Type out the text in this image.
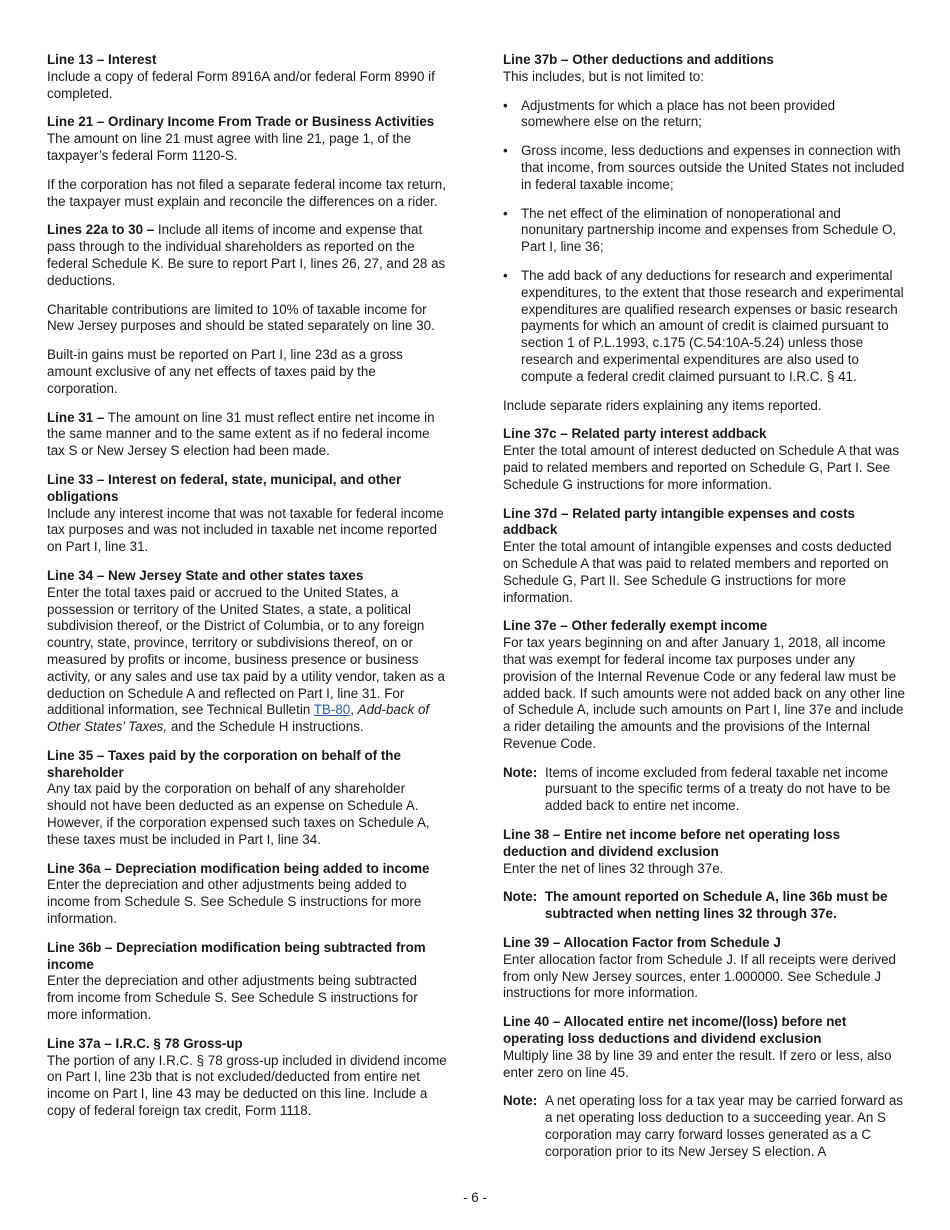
Line 13 – Interest
Include a copy of federal Form 8916A and/or federal Form 8990 if completed.
Line 21 – Ordinary Income From Trade or Business Activities
The amount on line 21 must agree with line 21, page 1, of the taxpayer’s federal Form 1120-S.
If the corporation has not filed a separate federal income tax return, the taxpayer must explain and reconcile the differences on a rider.
Lines 22a to 30 – Include all items of income and expense that pass through to the individual shareholders as reported on the federal Schedule K. Be sure to report Part I, lines 26, 27, and 28 as deductions.
Charitable contributions are limited to 10% of taxable income for New Jersey purposes and should be stated separately on line 30.
Built-in gains must be reported on Part I, line 23d as a gross amount exclusive of any net effects of taxes paid by the corporation.
Line 31 – The amount on line 31 must reflect entire net income in the same manner and to the same extent as if no federal income tax S or New Jersey S election had been made.
Line 33 – Interest on federal, state, municipal, and other obligations
Include any interest income that was not taxable for federal income tax purposes and was not included in taxable net income reported on Part I, line 31.
Line 34 – New Jersey State and other states taxes
Enter the total taxes paid or accrued to the United States, a possession or territory of the United States, a state, a political subdivision thereof, or the District of Columbia, or to any foreign country, state, province, territory or subdivisions thereof, on or measured by profits or income, business presence or business activity, or any sales and use tax paid by a utility vendor, taken as a deduction on Schedule A and reflected on Part I, line 31. For additional information, see Technical Bulletin TB-80, Add-back of Other States’ Taxes, and the Schedule H instructions.
Line 35 – Taxes paid by the corporation on behalf of the shareholder
Any tax paid by the corporation on behalf of any shareholder should not have been deducted as an expense on Schedule A. However, if the corporation expensed such taxes on Schedule A, these taxes must be included in Part I, line 34.
Line 36a – Depreciation modification being added to income
Enter the depreciation and other adjustments being added to income from Schedule S. See Schedule S instructions for more information.
Line 36b – Depreciation modification being subtracted from income
Enter the depreciation and other adjustments being subtracted from income from Schedule S. See Schedule S instructions for more information.
Line 37a – I.R.C. § 78 Gross-up
The portion of any I.R.C. § 78 gross-up included in dividend income on Part I, line 23b that is not excluded/deducted from entire net income on Part I, line 43 may be deducted on this line. Include a copy of federal foreign tax credit, Form 1118.
Line 37b – Other deductions and additions
This includes, but is not limited to:
• Adjustments for which a place has not been provided somewhere else on the return;
• Gross income, less deductions and expenses in connection with that income, from sources outside the United States not included in federal taxable income;
• The net effect of the elimination of nonoperational and nonunitary partnership income and expenses from Schedule O, Part I, line 36;
• The add back of any deductions for research and experimental expenditures, to the extent that those research and experimental expenditures are qualified research expenses or basic research payments for which an amount of credit is claimed pursuant to section 1 of P.L.1993, c.175 (C.54:10A-5.24) unless those research and experimental expenditures are also used to compute a federal credit claimed pursuant to I.R.C. § 41.
Include separate riders explaining any items reported.
Line 37c – Related party interest addback
Enter the total amount of interest deducted on Schedule A that was paid to related members and reported on Schedule G, Part I. See Schedule G instructions for more information.
Line 37d – Related party intangible expenses and costs addback
Enter the total amount of intangible expenses and costs deducted on Schedule A that was paid to related members and reported on Schedule G, Part II. See Schedule G instructions for more information.
Line 37e – Other federally exempt income
For tax years beginning on and after January 1, 2018, all income that was exempt for federal income tax purposes under any provision of the Internal Revenue Code or any federal law must be added back. If such amounts were not added back on any other line of Schedule A, include such amounts on Part I, line 37e and include a rider detailing the amounts and the provisions of the Internal Revenue Code.
Note: Items of income excluded from federal taxable net income pursuant to the specific terms of a treaty do not have to be added back to entire net income.
Line 38 – Entire net income before net operating loss deduction and dividend exclusion
Enter the net of lines 32 through 37e.
Note: The amount reported on Schedule A, line 36b must be subtracted when netting lines 32 through 37e.
Line 39 – Allocation Factor from Schedule J
Enter allocation factor from Schedule J. If all receipts were derived from only New Jersey sources, enter 1.000000. See Schedule J instructions for more information.
Line 40 – Allocated entire net income/(loss) before net operating loss deductions and dividend exclusion
Multiply line 38 by line 39 and enter the result. If zero or less, also enter zero on line 45.
Note: A net operating loss for a tax year may be carried forward as a net operating loss deduction to a succeeding year. An S corporation may carry forward losses generated as a C corporation prior to its New Jersey S election. A
- 6 -
